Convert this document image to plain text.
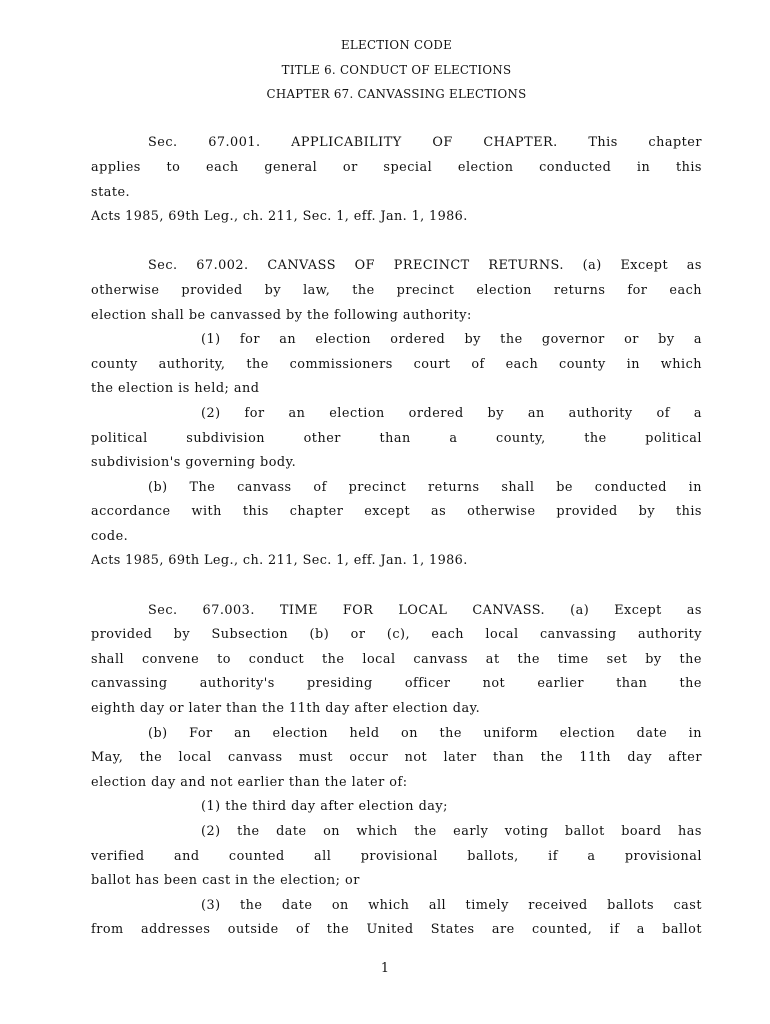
ELECTION CODE
TITLE 6. CONDUCT OF ELECTIONS
CHAPTER 67. CANVASSING ELECTIONS
Sec. 67.001. APPLICABILITY OF CHAPTER. This chapter
applies to each general or special election conducted in this
state.
Acts 1985, 69th Leg., ch. 211, Sec. 1, eff. Jan. 1, 1986.
Sec. 67.002. CANVASS OF PRECINCT RETURNS. (a) Except as
otherwise provided by law, the precinct election returns for each
election shall be canvassed by the following authority:
(1) for an election ordered by the governor or by a
county authority, the commissioners court of each county in which
the election is held; and
(2) for an election ordered by an authority of a
political subdivision other than a county, the political
subdivision's governing body.
(b) The canvass of precinct returns shall be conducted in
accordance with this chapter except as otherwise provided by this
code.
Acts 1985, 69th Leg., ch. 211, Sec. 1, eff. Jan. 1, 1986.
Sec. 67.003. TIME FOR LOCAL CANVASS. (a) Except as
provided by Subsection (b) or (c), each local canvassing authority
shall convene to conduct the local canvass at the time set by the
canvassing authority's presiding officer not earlier than the
eighth day or later than the 11th day after election day.
(b) For an election held on the uniform election date in
May, the local canvass must occur not later than the 11th day after
election day and not earlier than the later of:
(1) the third day after election day;
(2) the date on which the early voting ballot board has
verified and counted all provisional ballots, if a provisional
ballot has been cast in the election; or
(3) the date on which all timely received ballots cast
from addresses outside of the United States are counted, if a ballot
1
